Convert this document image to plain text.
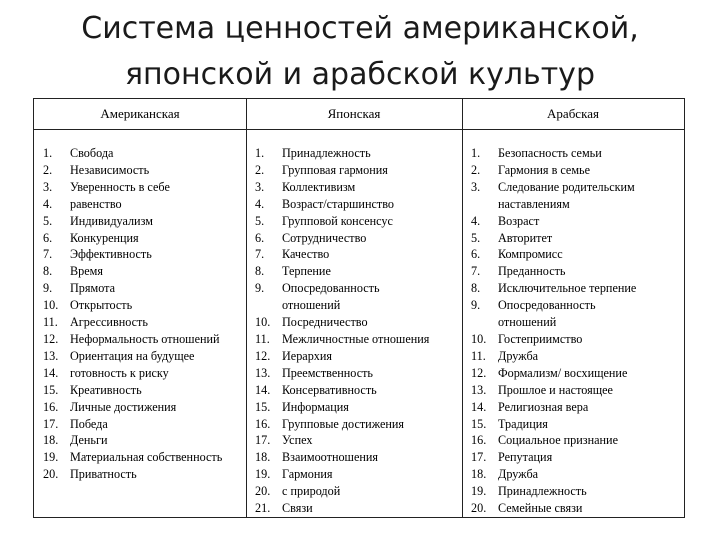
Система ценностей американской,
японской и арабской культур
Американская
1. Свобода
2. Независимость
3. Уверенность в себе
4. равенство
5. Индивидуализм
6. Конкуренция
7. Эффективность
8. Время
9. Прямота
10. Открытость
11. Агрессивность
12. Неформальность отношений
13. Ориентация на будущее
14. готовность к риску
15. Креативность
16. Личные достижения
17. Победа
18. Деньги
19. Материальная собственность
20. Приватность
Японская
1. Принадлежность
2. Групповая гармония
3. Коллективизм
4. Возраст/старшинство
5. Групповой консенсус
6. Сотрудничество
7. Качество
8. Терпение
9. Опосредованность
отношений
10. Посредничество
11. Межличностные отношения
12. Иерархия
13. Преемственность
14. Консервативность
15. Информация
16. Групповые достижения
17. Успех
18. Взаимоотношения
19. Гармония
20. с природой
21. Связи
Арабская
1. Безопасность семьи
2. Гармония в семье
3. Следование родительским
наставлениям
4. Возраст
5. Авторитет
6. Компромисс
7. Преданность
8. Исключительное терпение
9. Опосредованность
отношений
10. Гостеприимство
11. Дружба
12. Формализм/ восхищение
13. Прошлое и настоящее
14. Религиозная вера
15. Традиция
16. Социальное признание
17. Репутация
18. Дружба
19. Принадлежность
20. Семейные связи
